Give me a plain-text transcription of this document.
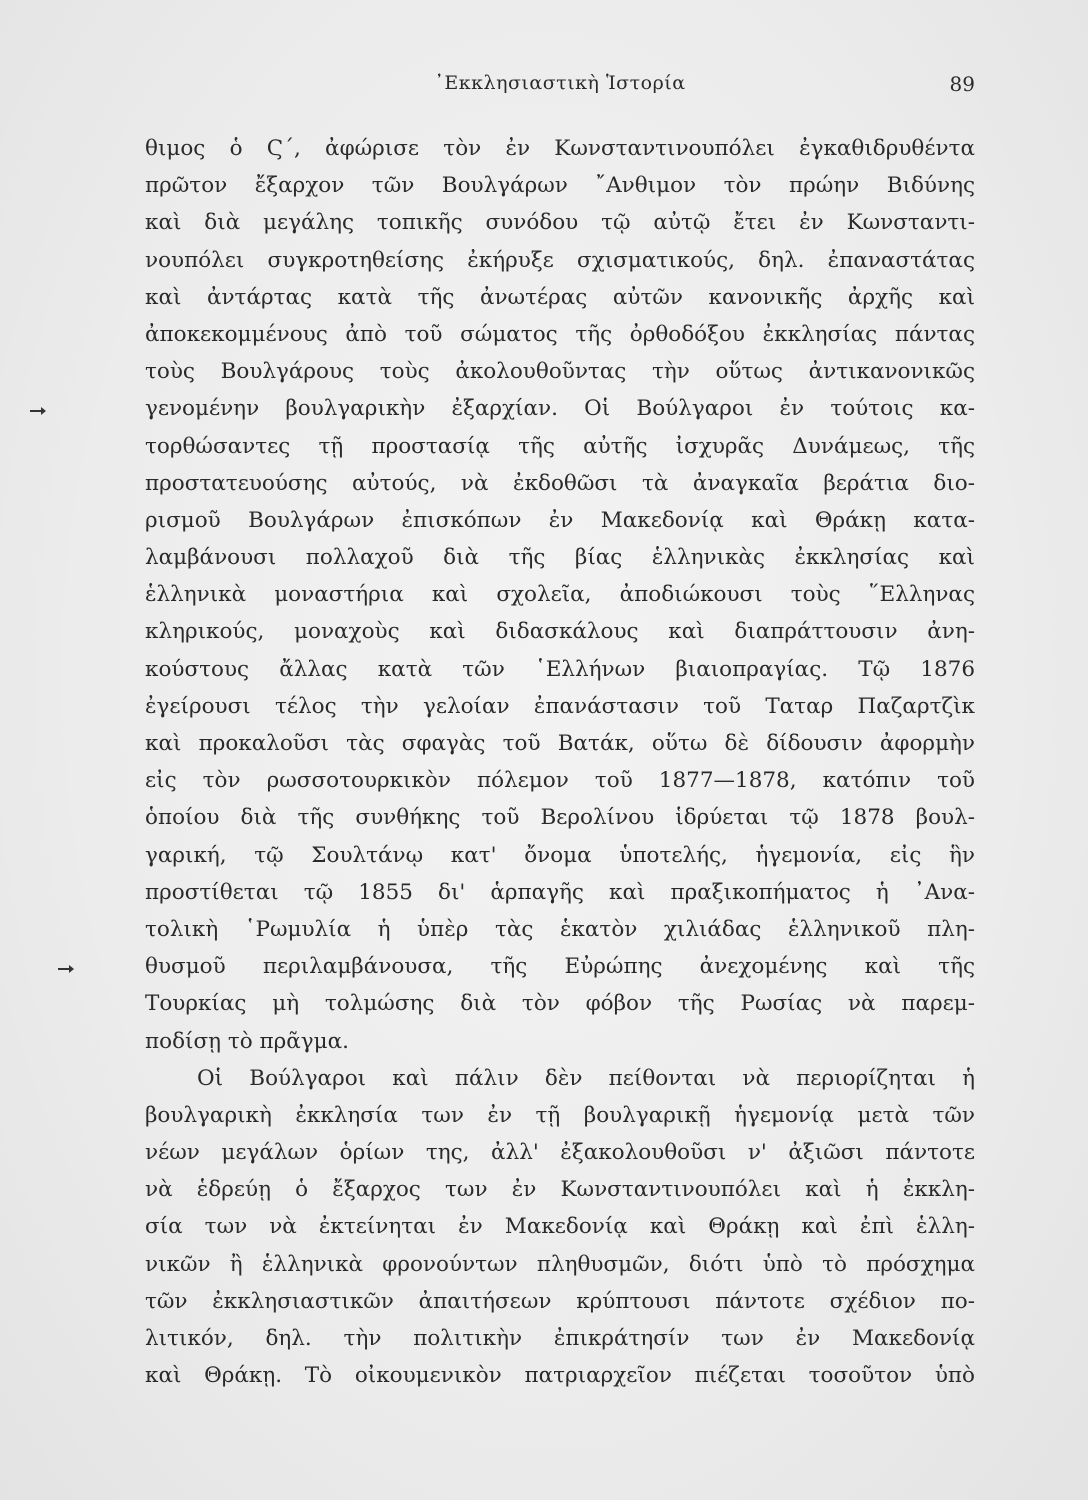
᾿Εκκλησιαστικὴ Ἱστορία	89
θιμος ὁ Ϛ΄, ἀφώρισε τὸν ἐν Κωνσταντινουπόλει ἐγκαθιδρυθέντα
πρῶτον ἔξαρχον τῶν Βουλγάρων ῎Ανθιμον τὸν πρώην Βιδύνης
καὶ διὰ μεγάλης τοπικῆς συνόδου τῷ αὐτῷ ἔτει ἐν Κωνσταντι-
νουπόλει συγκροτηθείσης ἐκήρυξε σχισματικούς, δηλ. ἐπαναστάτας
καὶ ἀντάρτας κατὰ τῆς ἀνωτέρας αὐτῶν κανονικῆς ἀρχῆς καὶ
ἀποκεκομμένους ἀπὸ τοῦ σώματος τῆς ὀρθοδόξου ἐκκλησίας πάντας
τοὺς Βουλγάρους τοὺς ἀκολουθοῦντας τὴν οὕτως ἀντικανονικῶς
γενομένην βουλγαρικὴν ἐξαρχίαν. Οἱ Βούλγαροι ἐν τούτοις κα-
τορθώσαντες τῇ προστασίᾳ τῆς αὐτῆς ἰσχυρᾶς Δυνάμεως, τῆς
προστατευούσης αὐτούς, νὰ ἐκδοθῶσι τὰ ἀναγκαῖα βεράτια διο-
ρισμοῦ Βουλγάρων ἐπισκόπων ἐν Μακεδονίᾳ καὶ Θράκῃ κατα-
λαμβάνουσι πολλαχοῦ διὰ τῆς βίας ἑλληνικὰς ἐκκλησίας καὶ
ἑλληνικὰ μοναστήρια καὶ σχολεῖα, ἀποδιώκουσι τοὺς ῞Ελληνας
κληρικούς, μοναχοὺς καὶ διδασκάλους καὶ διαπράττουσιν ἀνη-
κούστους ἄλλας κατὰ τῶν ῾Ελλήνων βιαιοπραγίας. Τῷ 1876
ἐγείρουσι τέλος τὴν γελοίαν ἐπανάστασιν τοῦ Ταταρ Παζαρτζὶκ
καὶ προκαλοῦσι τὰς σφαγὰς τοῦ Βατάκ, οὕτω δὲ δίδουσιν ἀφορμὴν
εἰς τὸν ρωσσοτουρκικὸν πόλεμον τοῦ 1877—1878, κατόπιν τοῦ
ὁποίου διὰ τῆς συνθήκης τοῦ Βερολίνου ἱδρύεται τῷ 1878 βουλ-
γαρική, τῷ Σουλτάνῳ κατ' ὄνομα ὑποτελής, ἡγεμονία, εἰς ἣν
προστίθεται τῷ 1855 δι' ἁρπαγῆς καὶ πραξικοπήματος ἡ ᾿Ανα-
τολικὴ ῾Ρωμυλία ἡ ὑπὲρ τὰς ἑκατὸν χιλιάδας ἑλληνικοῦ πλη-
θυσμοῦ περιλαμβάνουσα, τῆς Εὐρώπης ἀνεχομένης καὶ τῆς
Τουρκίας μὴ τολμώσης διὰ τὸν φόβον τῆς Ρωσίας νὰ παρεμ-
ποδίσῃ τὸ πρᾶγμα.
Οἱ Βούλγαροι καὶ πάλιν δὲν πείθονται νὰ περιορίζηται ἡ
βουλγαρικὴ ἐκκλησία των ἐν τῇ βουλγαρικῇ ἡγεμονίᾳ μετὰ τῶν
νέων μεγάλων ὁρίων της, ἀλλ' ἐξακολουθοῦσι ν' ἀξιῶσι πάντοτε
νὰ ἑδρεύῃ ὁ ἔξαρχος των ἐν Κωνσταντινουπόλει καὶ ἡ ἐκκλη-
σία των νὰ ἐκτείνηται ἐν Μακεδονίᾳ καὶ Θράκῃ καὶ ἐπὶ ἑλλη-
νικῶν ἢ ἑλληνικὰ φρονούντων πληθυσμῶν, διότι ὑπὸ τὸ πρόσχημα
τῶν ἐκκλησιαστικῶν ἀπαιτήσεων κρύπτουσι πάντοτε σχέδιον πο-
λιτικόν, δηλ. τὴν πολιτικὴν ἐπικράτησίν των ἐν Μακεδονίᾳ
καὶ Θράκῃ. Τὸ οἰκουμενικὸν πατριαρχεῖον πιέζεται τοσοῦτον ὑπὸ
